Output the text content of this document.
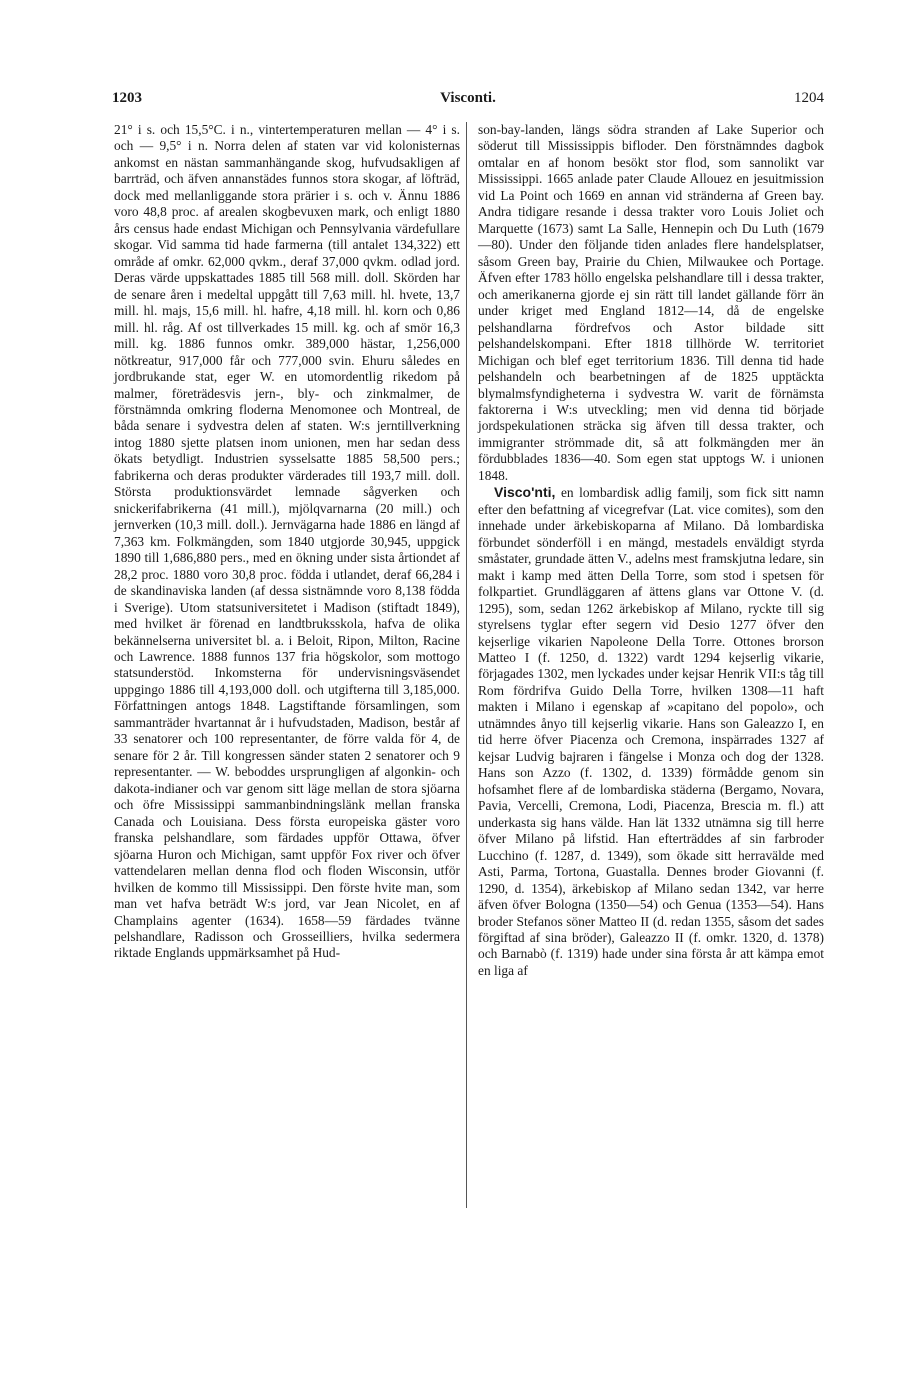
1203	Visconti.	1204

21° i s. och 15,5°C. i n., vintertemperaturen mellan — 4° i s. och — 9,5° i n. Norra delen af staten var vid kolonisternas ankomst en nästan sammanhängande skog, hufvudsakligen af barrträd, och äfven annanstädes funnos stora skogar, af löfträd, dock med mellanliggande stora prärier i s. och v. Ännu 1886 voro 48,8 proc. af arealen skogbevuxen mark, och enligt 1880 års census hade endast Michigan och Pennsylvania värdefullare skogar. Vid samma tid hade farmerna (till antalet 134,322) ett område af omkr. 62,000 qvkm., deraf 37,000 qvkm. odlad jord. Deras värde uppskattades 1885 till 568 mill. doll. Skörden har de senare åren i medeltal uppgått till 7,63 mill. hl. hvete, 13,7 mill. hl. majs, 15,6 mill. hl. hafre, 4,18 mill. hl. korn och 0,86 mill. hl. råg. Af ost tillverkades 15 mill. kg. och af smör 16,3 mill. kg. 1886 funnos omkr. 389,000 hästar, 1,256,000 nötkreatur, 917,000 får och 777,000 svin. Ehuru således en jordbrukande stat, eger W. en utomordentlig rikedom på malmer, företrädesvis jern-, bly- och zinkmalmer, de förstnämnda omkring floderna Menomonee och Montreal, de båda senare i sydvestra delen af staten. W:s jerntillverkning intog 1880 sjette platsen inom unionen, men har sedan dess ökats betydligt. Industrien sysselsatte 1885 58,500 pers.; fabrikerna och deras produkter värderades till 193,7 mill. doll. Största produktionsvärdet lemnade sågverken och snickerifabrikerna (41 mill.), mjölqvarnarna (20 mill.) och jernverken (10,3 mill. doll.). Jernvägarna hade 1886 en längd af 7,363 km. Folkmängden, som 1840 utgjorde 30,945, uppgick 1890 till 1,686,880 pers., med en ökning under sista årtiondet af 28,2 proc. 1880 voro 30,8 proc. födda i utlandet, deraf 66,284 i de skandinaviska landen (af dessa sistnämnde voro 8,138 födda i Sverige). Utom statsuniversitetet i Madison (stiftadt 1849), med hvilket är förenad en landtbruksskola, hafva de olika bekännelserna universitet bl. a. i Beloit, Ripon, Milton, Racine och Lawrence. 1888 funnos 137 fria högskolor, som mottogo statsunderstöd. Inkomsterna för undervisningsväsendet uppgingo 1886 till 4,193,000 doll. och utgifterna till 3,185,000. Författningen antogs 1848. Lagstiftande församlingen, som sammanträder hvartannat år i hufvudstaden, Madison, består af 33 senatorer och 100 representanter, de förre valda för 4, de senare för 2 år. Till kongressen sänder staten 2 senatorer och 9 representanter. — W. beboddes ursprungligen af algonkin- och dakota-indianer och var genom sitt läge mellan de stora sjöarna och öfre Mississippi sammanbindningslänk mellan franska Canada och Louisiana. Dess första europeiska gäster voro franska pelshandlare, som färdades uppför Ottawa, öfver sjöarna Huron och Michigan, samt uppför Fox river och öfver vattendelaren mellan denna flod och floden Wisconsin, utför hvilken de kommo till Mississippi. Den förste hvite man, som man vet hafva beträdt W:s jord, var Jean Nicolet, en af Champlains agenter (1634). 1658—59 färdades tvänne pelshandlare, Radisson och Grosseilliers, hvilka sedermera riktade Englands uppmärksamhet på Hud-

son-bay-landen, längs södra stranden af Lake Superior och söderut till Mississippis bifloder. Den förstnämndes dagbok omtalar en af honom besökt stor flod, som sannolikt var Mississippi. 1665 anlade pater Claude Allouez en jesuitmission vid La Point och 1669 en annan vid stränderna af Green bay. Andra tidigare resande i dessa trakter voro Louis Joliet och Marquette (1673) samt La Salle, Hennepin och Du Luth (1679—80). Under den följande tiden anlades flere handelsplatser, såsom Green bay, Prairie du Chien, Milwaukee och Portage. Äfven efter 1783 höllo engelska pelshandlare till i dessa trakter, och amerikanerna gjorde ej sin rätt till landet gällande förr än under kriget med England 1812—14, då de engelske pelshandlarna fördrefvos och Astor bildade sitt pelshandelskompani. Efter 1818 tillhörde W. territoriet Michigan och blef eget territorium 1836. Till denna tid hade pelshandeln och bearbetningen af de 1825 upptäckta blymalmsfyndigheterna i sydvestra W. varit de förnämsta faktorerna i W:s utveckling; men vid denna tid började jordspekulationen sträcka sig äfven till dessa trakter, och immigranter strömmade dit, så att folkmängden mer än fördubblades 1836—40. Som egen stat upptogs W. i unionen 1848.

Visco'nti, en lombardisk adlig familj, som fick sitt namn efter den befattning af vicegrefvar (Lat. vice comites), som den innehade under ärkebiskoparna af Milano. Då lombardiska förbundet sönderföll i en mängd, mestadels enväldigt styrda småstater, grundade ätten V., adelns mest framskjutna ledare, sin makt i kamp med ätten Della Torre, som stod i spetsen för folkpartiet. Grundläggaren af ättens glans var Ottone V. (d. 1295), som, sedan 1262 ärkebiskop af Milano, ryckte till sig styrelsens tyglar efter segern vid Desio 1277 öfver den kejserlige vikarien Napoleone Della Torre. Ottones brorson Matteo I (f. 1250, d. 1322) vardt 1294 kejserlig vikarie, förjagades 1302, men lyckades under kejsar Henrik VII:s tåg till Rom fördrifva Guido Della Torre, hvilken 1308—11 haft makten i Milano i egenskap af »capitano del popolo», och utnämndes ånyo till kejserlig vikarie. Hans son Galeazzo I, en tid herre öfver Piacenza och Cremona, inspärrades 1327 af kejsar Ludvig bajraren i fängelse i Monza och dog der 1328. Hans son Azzo (f. 1302, d. 1339) förmådde genom sin hofsamhet flere af de lombardiska städerna (Bergamo, Novara, Pavia, Vercelli, Cremona, Lodi, Piacenza, Brescia m. fl.) att underkasta sig hans välde. Han lät 1332 utnämna sig till herre öfver Milano på lifstid. Han efterträddes af sin farbroder Lucchino (f. 1287, d. 1349), som ökade sitt herravälde med Asti, Parma, Tortona, Guastalla. Dennes broder Giovanni (f. 1290, d. 1354), ärkebiskop af Milano sedan 1342, var herre äfven öfver Bologna (1350—54) och Genua (1353—54). Hans broder Stefanos söner Matteo II (d. redan 1355, såsom det sades förgiftad af sina bröder), Galeazzo II (f. omkr. 1320, d. 1378) och Barnabò (f. 1319) hade under sina första år att kämpa emot en liga af
